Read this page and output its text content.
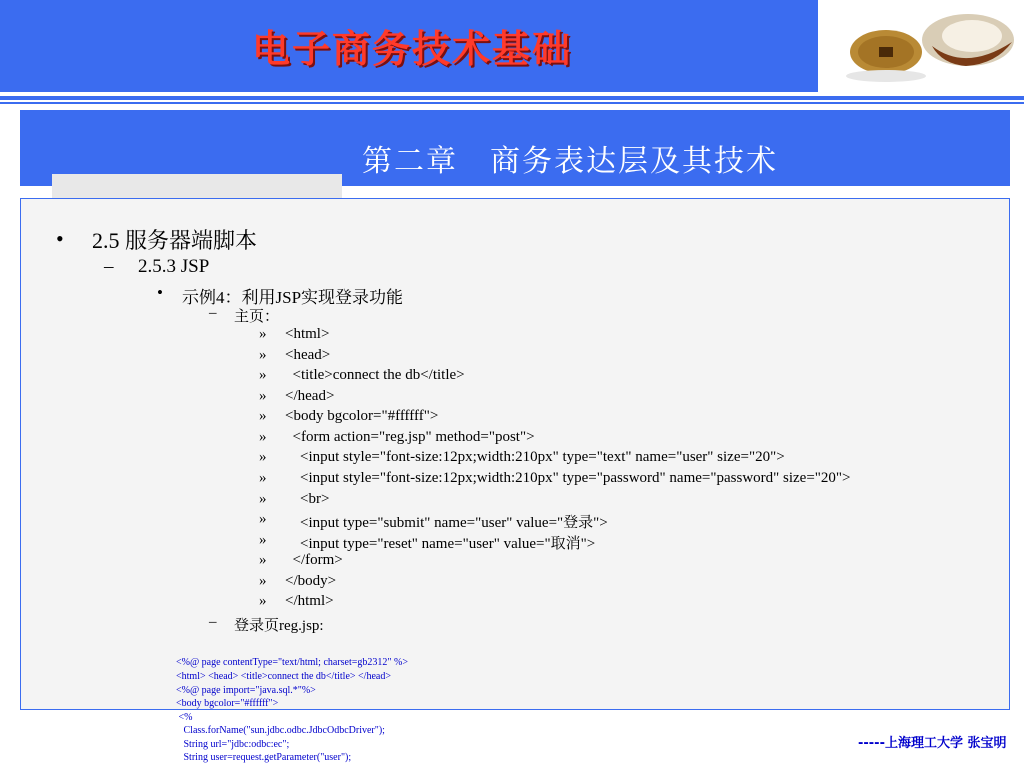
电子商务技术基础
第二章　商务表达层及其技术
• 2.5 服务器端脚本
– 2.5.3 JSP
• 示例4：利用JSP实现登录功能
– 主页：
» <html>
» <head>
» <title>connect the db</title>
» </head>
» <body bgcolor="#ffffff">
» <form action="reg.jsp" method="post">
» <input style="font-size:12px;width:210px" type="text" name="user" size="20">
» <input style="font-size:12px;width:210px" type="password" name="password" size="20">
» <br>
» <input type="submit" name="user" value="登录">
» <input type="reset" name="user" value="取消">
» </form>
» </body>
» </html>
– 登录页reg.jsp:
<%@ page contentType="text/html; charset=gb2312" %>
<html> <head> <title>connect the db</title> </head>
<%@ page import="java.sql.*"%>
<body bgcolor="#ffffff">
<%
Class.forName("sun.jdbc.odbc.JdbcOdbcDriver");
String url="jdbc:odbc:ec";
String user=request.getParameter("user");
-----上海理工大学 张宝明
